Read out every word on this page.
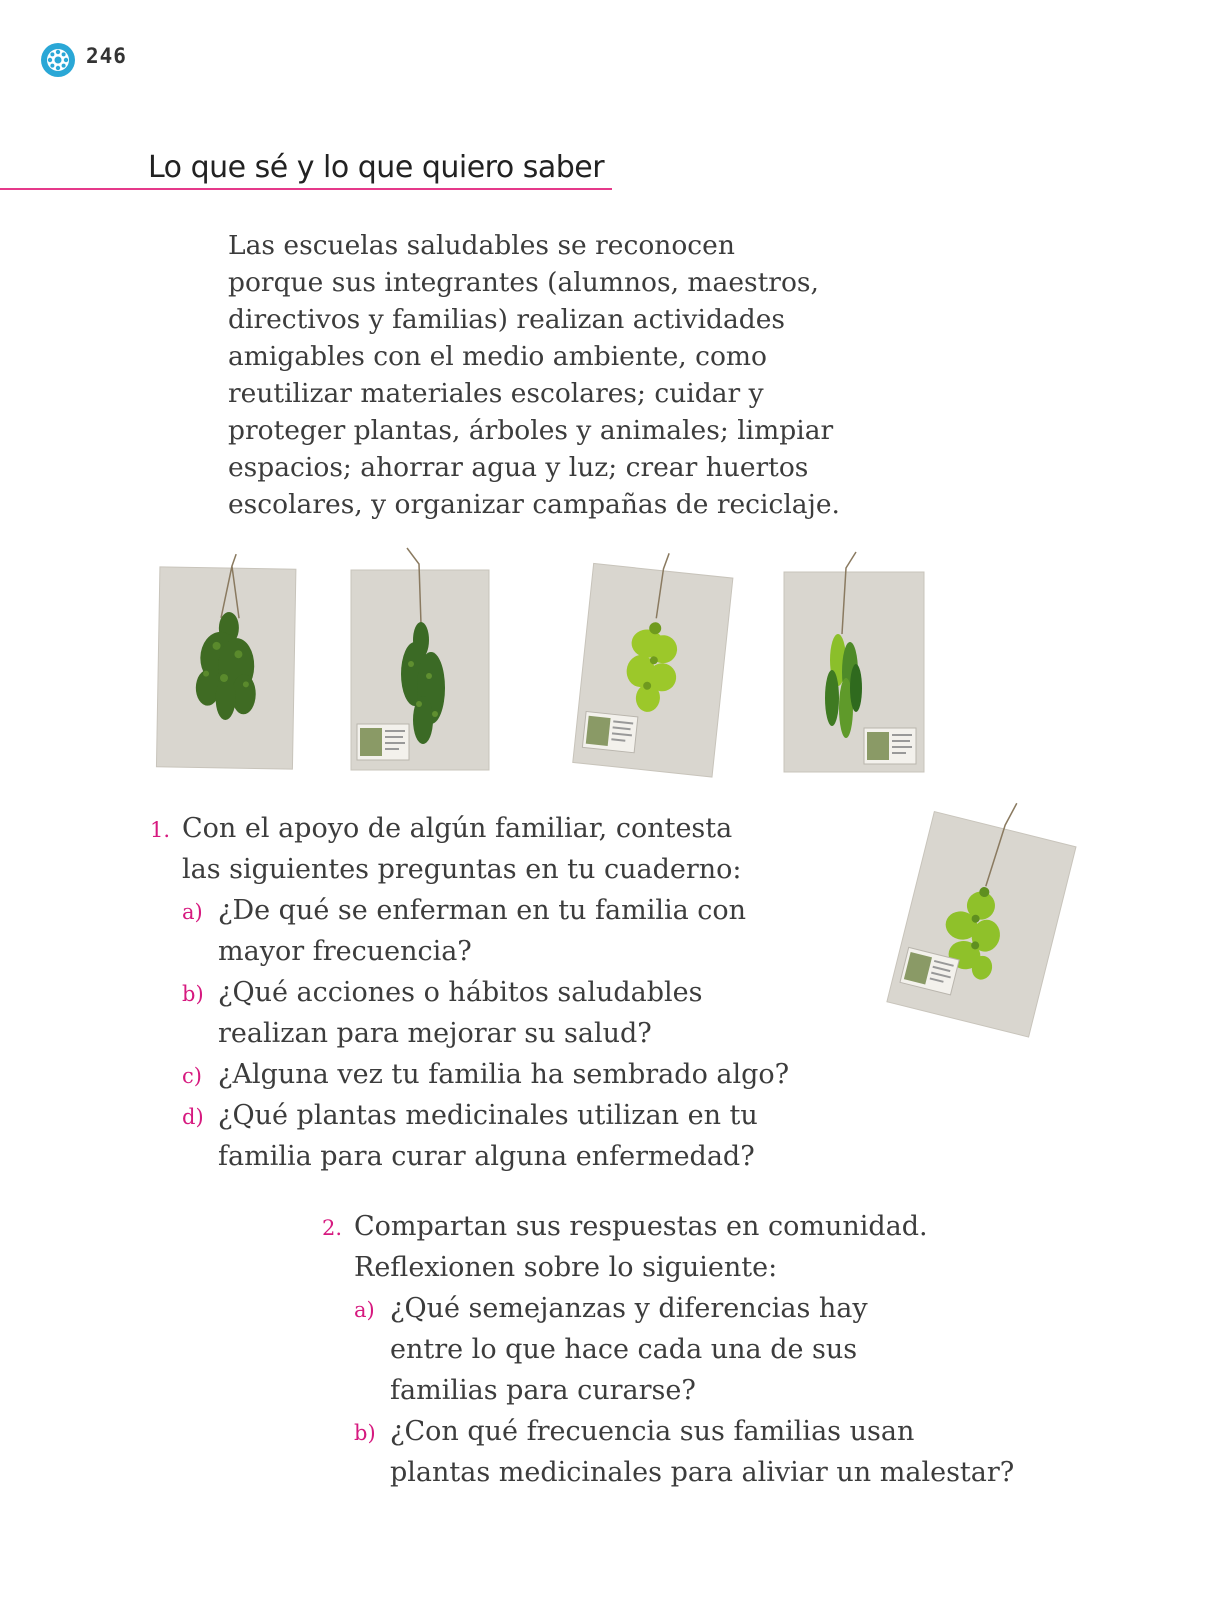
246
Lo que sé y lo que quiero saber

Las escuelas saludables se reconocen
porque sus integrantes (alumnos, maestros,
directivos y familias) realizan actividades
amigables con el medio ambiente, como
reutilizar materiales escolares; cuidar y
proteger plantas, árboles y animales; limpiar
espacios; ahorrar agua y luz; crear huertos
escolares, y organizar campañas de reciclaje.

1. Con el apoyo de algún familiar, contesta
las siguientes preguntas en tu cuaderno:
a) ¿De qué se enferman en tu familia con
mayor frecuencia?
b) ¿Qué acciones o hábitos saludables
realizan para mejorar su salud?
c) ¿Alguna vez tu familia ha sembrado algo?
d) ¿Qué plantas medicinales utilizan en tu
familia para curar alguna enfermedad?
2. Compartan sus respuestas en comunidad.
Reflexionen sobre lo siguiente:
a) ¿Qué semejanzas y diferencias hay
entre lo que hace cada una de sus
familias para curarse?
b) ¿Con qué frecuencia sus familias usan
plantas medicinales para aliviar un malestar?
